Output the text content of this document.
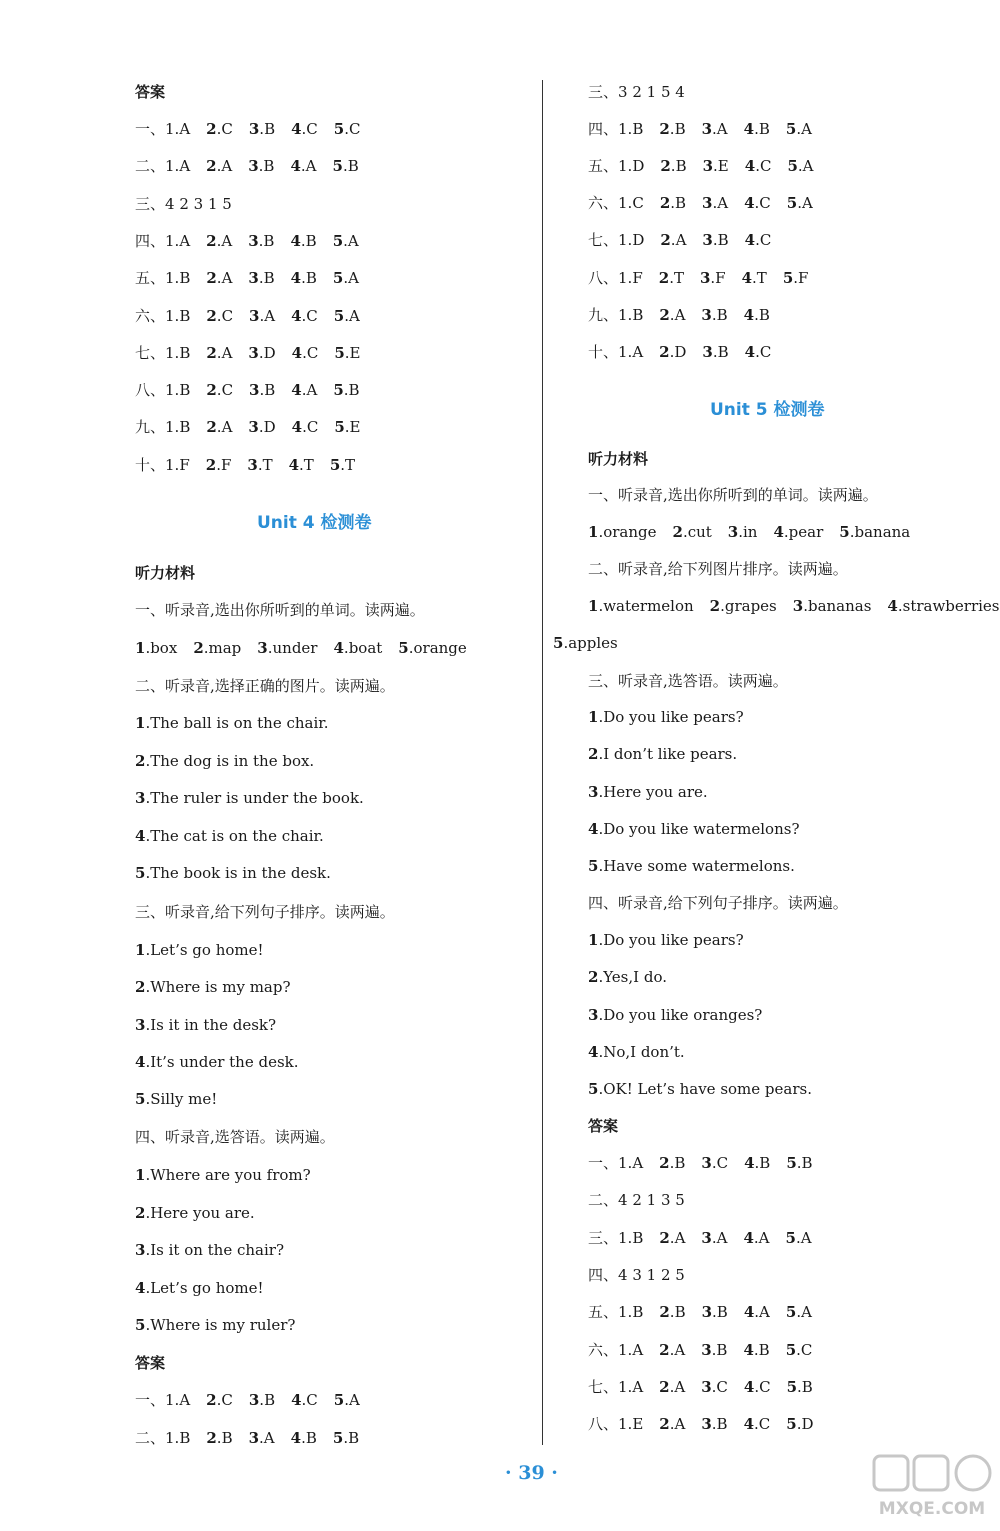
答案
一、1.A 2.C 3.B 4.C 5.C
二、1.A 2.A 3.B 4.A 5.B
三、4 2 3 1 5
四、1.A 2.A 3.B 4.B 5.A
五、1.B 2.A 3.B 4.B 5.A
六、1.B 2.C 3.A 4.C 5.A
七、1.B 2.A 3.D 4.C 5.E
八、1.B 2.C 3.B 4.A 5.B
九、1.B 2.A 3.D 4.C 5.E
十、1.F 2.F 3.T 4.T 5.T
听力材料
一、听录音,选出你所听到的单词。读两遍。
1.box 2.map 3.under 4.boat 5.orange
二、听录音,选择正确的图片。读两遍。
1.The ball is on the chair.
2.The dog is in the box.
3.The ruler is under the book.
4.The cat is on the chair.
5.The book is in the desk.
三、听录音,给下列句子排序。读两遍。
1.Let’s go home!
2.Where is my map?
3.Is it in the desk?
4.It’s under the desk.
5.Silly me!
四、听录音,选答语。读两遍。
1.Where are you from?
2.Here you are.
3.Is it on the chair?
4.Let’s go home!
5.Where is my ruler?
答案
一、1.A 2.C 3.B 4.C 5.A
二、1.B 2.B 3.A 4.B 5.B
三、3 2 1 5 4
四、1.B 2.B 3.A 4.B 5.A
五、1.D 2.B 3.E 4.C 5.A
六、1.C 2.B 3.A 4.C 5.A
七、1.D 2.A 3.B 4.C
八、1.F 2.T 3.F 4.T 5.F
九、1.B 2.A 3.B 4.B
十、1.A 2.D 3.B 4.C
听力材料
一、听录音,选出你所听到的单词。读两遍。
1.orange 2.cut 3.in 4.pear 5.banana
二、听录音,给下列图片排序。读两遍。
1.watermelon 2.grapes 3.bananas 4.strawberries
5.apples
三、听录音,选答语。读两遍。
1.Do you like pears?
2.I don’t like pears.
3.Here you are.
4.Do you like watermelons?
5.Have some watermelons.
四、听录音,给下列句子排序。读两遍。
1.Do you like pears?
2.Yes,I do.
3.Do you like oranges?
4.No,I don’t.
5.OK! Let’s have some pears.
答案
一、1.A 2.B 3.C 4.B 5.B
二、4 2 1 3 5
三、1.B 2.A 3.A 4.A 5.A
四、4 3 1 2 5
五、1.B 2.B 3.B 4.A 5.A
六、1.A 2.A 3.B 4.B 5.C
七、1.A 2.A 3.C 4.C 5.B
八、1.E 2.A 3.B 4.C 5.D
· 39 ·
MXQE.COM
Unit 4 检测卷
Unit 5 检测卷
